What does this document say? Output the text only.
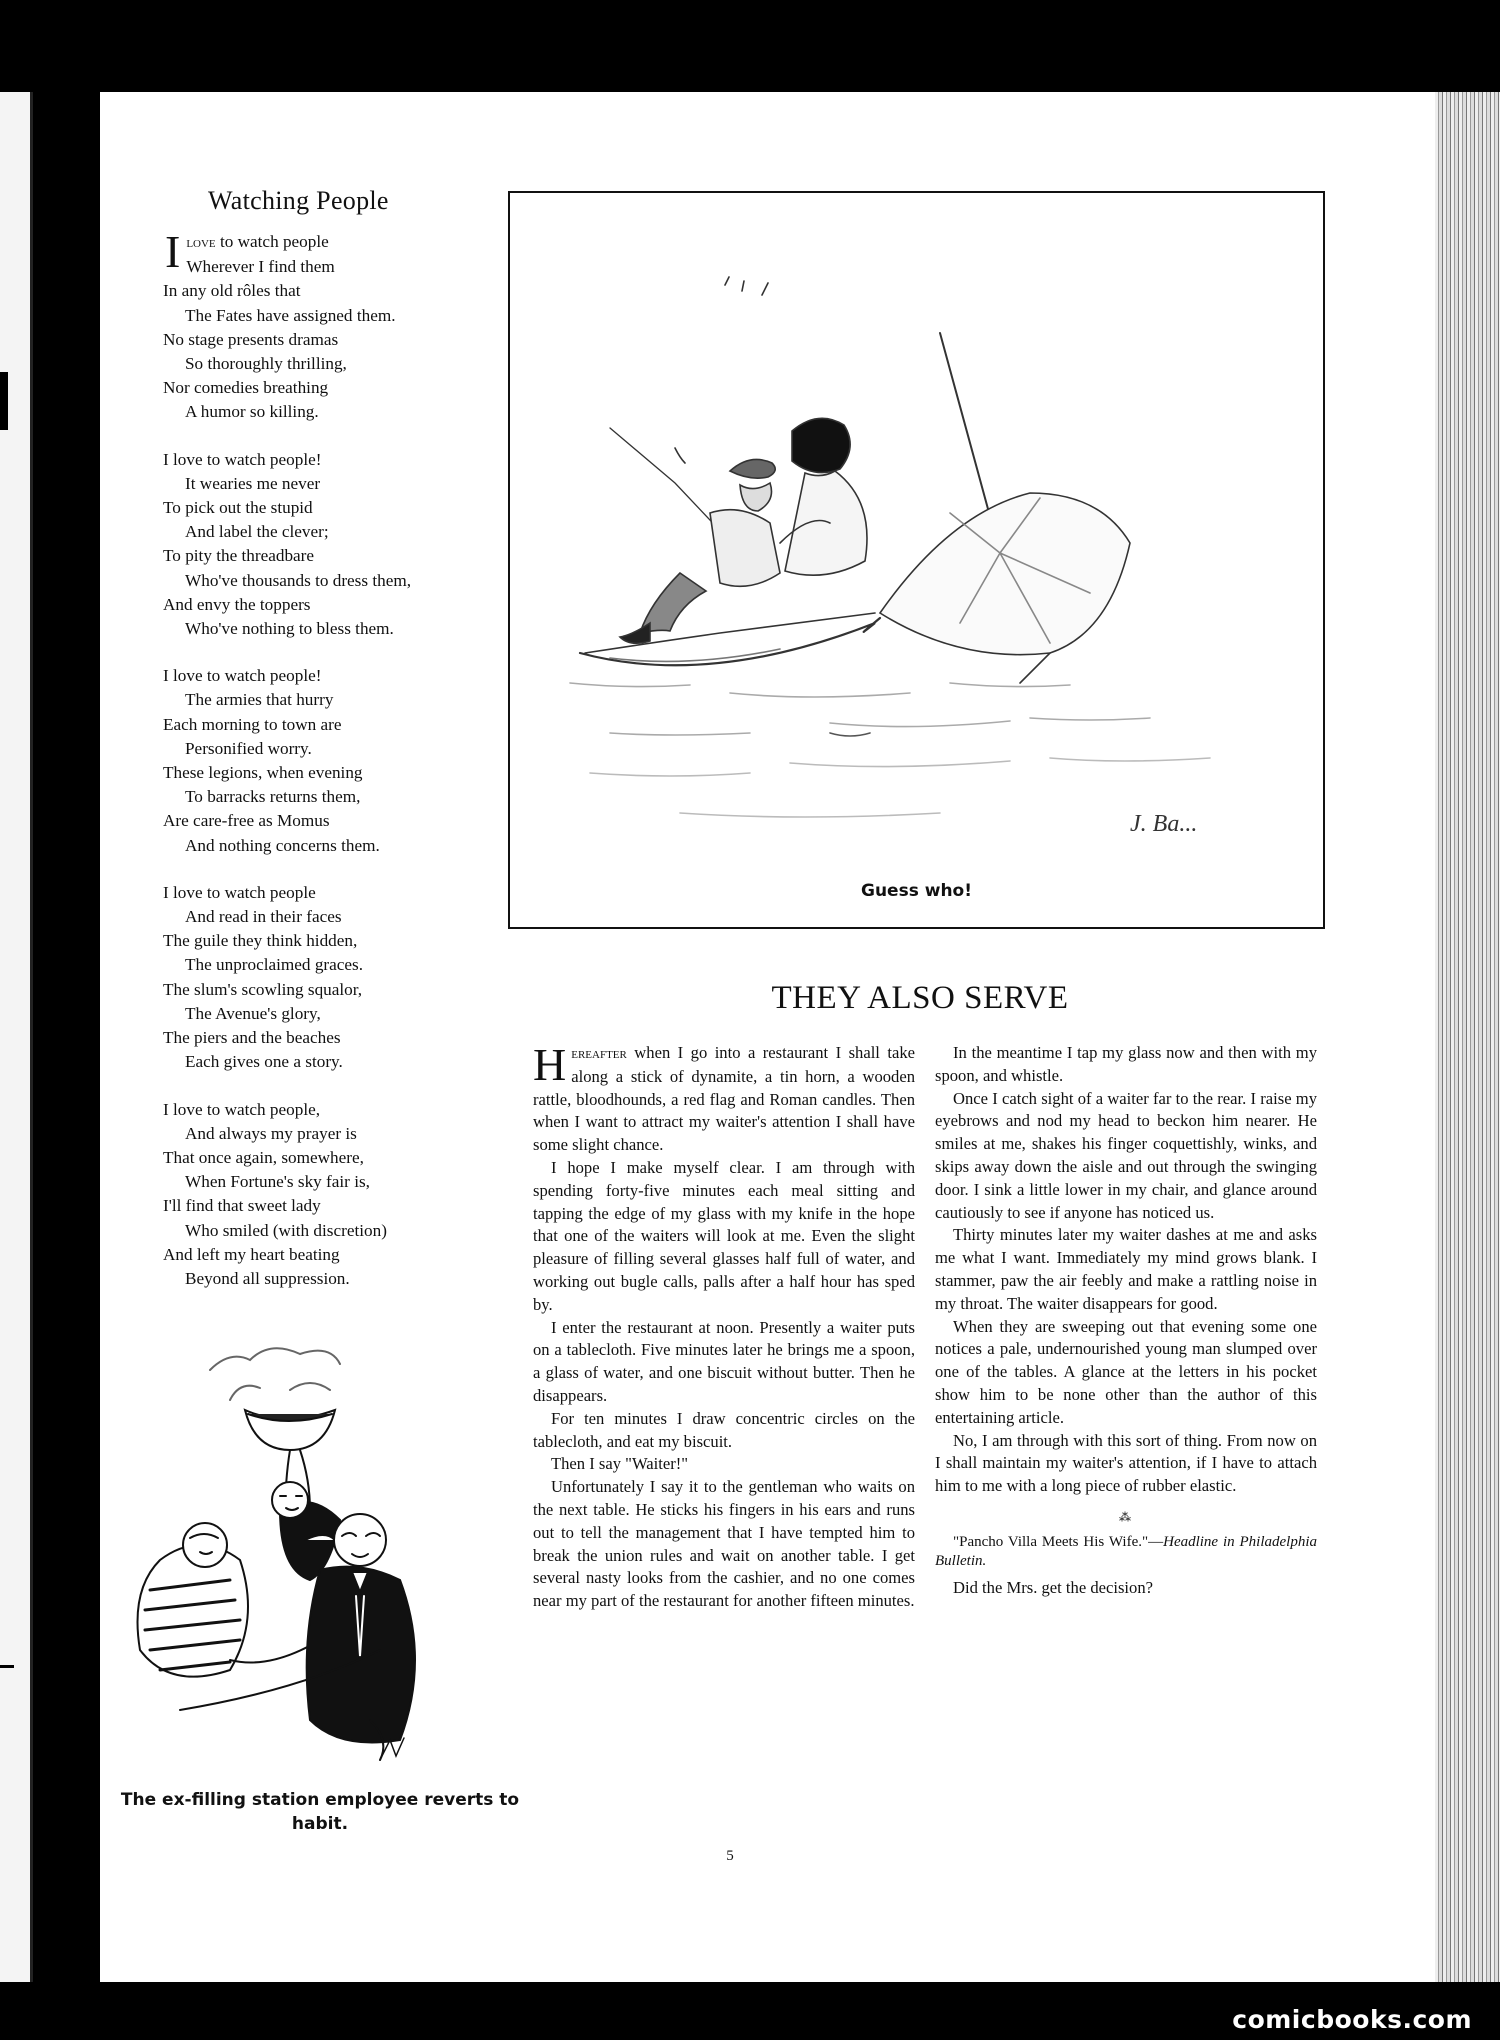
Watching People
Ilove to watch people
Wherever I find them
In any old rôles that
The Fates have assigned them.
No stage presents dramas
So thoroughly thrilling,
Nor comedies breathing
A humor so killing.
I love to watch people!
It wearies me never
To pick out the stupid
And label the clever;
To pity the threadbare
Who've thousands to dress them,
And envy the toppers
Who've nothing to bless them.
I love to watch people!
The armies that hurry
Each morning to town are
Personified worry.
These legions, when evening
To barracks returns them,
Are care-free as Momus
And nothing concerns them.
I love to watch people
And read in their faces
The guile they think hidden,
The unproclaimed graces.
The slum's scowling squalor,
The Avenue's glory,
The piers and the beaches
Each gives one a story.
I love to watch people,
And always my prayer is
That once again, somewhere,
When Fortune's sky fair is,
I'll find that sweet lady
Who smiled (with discretion)
And left my heart beating
Beyond all suppression.
J. Ba...
Guess who!
THEY ALSO SERVE

Hereafter when I go into a restaurant I shall take along a stick of dynamite, a tin horn, a wooden rattle, bloodhounds, a red flag and Roman candles. Then when I want to attract my waiter's attention I shall have some slight chance.

I hope I make myself clear. I am through with spending forty-five minutes each meal sitting and tapping the edge of my glass with my knife in the hope that one of the waiters will look at me. Even the slight pleasure of filling several glasses half full of water, and working out bugle calls, palls after a half hour has sped by.

I enter the restaurant at noon. Presently a waiter puts on a tablecloth. Five minutes later he brings me a spoon, a glass of water, and one biscuit without butter. Then he disappears.

For ten minutes I draw concentric circles on the tablecloth, and eat my biscuit.

Then I say "Waiter!"

Unfortunately I say it to the gentleman who waits on the next table. He sticks his fingers in his ears and runs out to tell the management that I have tempted him to break the union rules and wait on another table. I get several nasty looks from the cashier, and no one comes near my part of the restaurant for another fifteen minutes.

In the meantime I tap my glass now and then with my spoon, and whistle.

Once I catch sight of a waiter far to the rear. I raise my eyebrows and nod my head to beckon him nearer. He smiles at me, shakes his finger coquettishly, winks, and skips away down the aisle and out through the swinging door. I sink a little lower in my chair, and glance around cautiously to see if anyone has noticed us.

Thirty minutes later my waiter dashes at me and asks me what I want. Immediately my mind grows blank. I stammer, paw the air feebly and make a rattling noise in my throat. The waiter disappears for good.

When they are sweeping out that evening some one notices a pale, undernourished young man slumped over one of the tables. A glance at the letters in his pocket show him to be none other than the author of this entertaining article.

No, I am through with this sort of thing. From now on I shall maintain my waiter's attention, if I have to attach him to me with a long piece of rubber elastic.

⁂

"Pancho Villa Meets His Wife."—Headline in Philadelphia Bulletin.

Did the Mrs. get the decision?

The ex-filling station employee reverts to habit.
5
comicbooks.com
